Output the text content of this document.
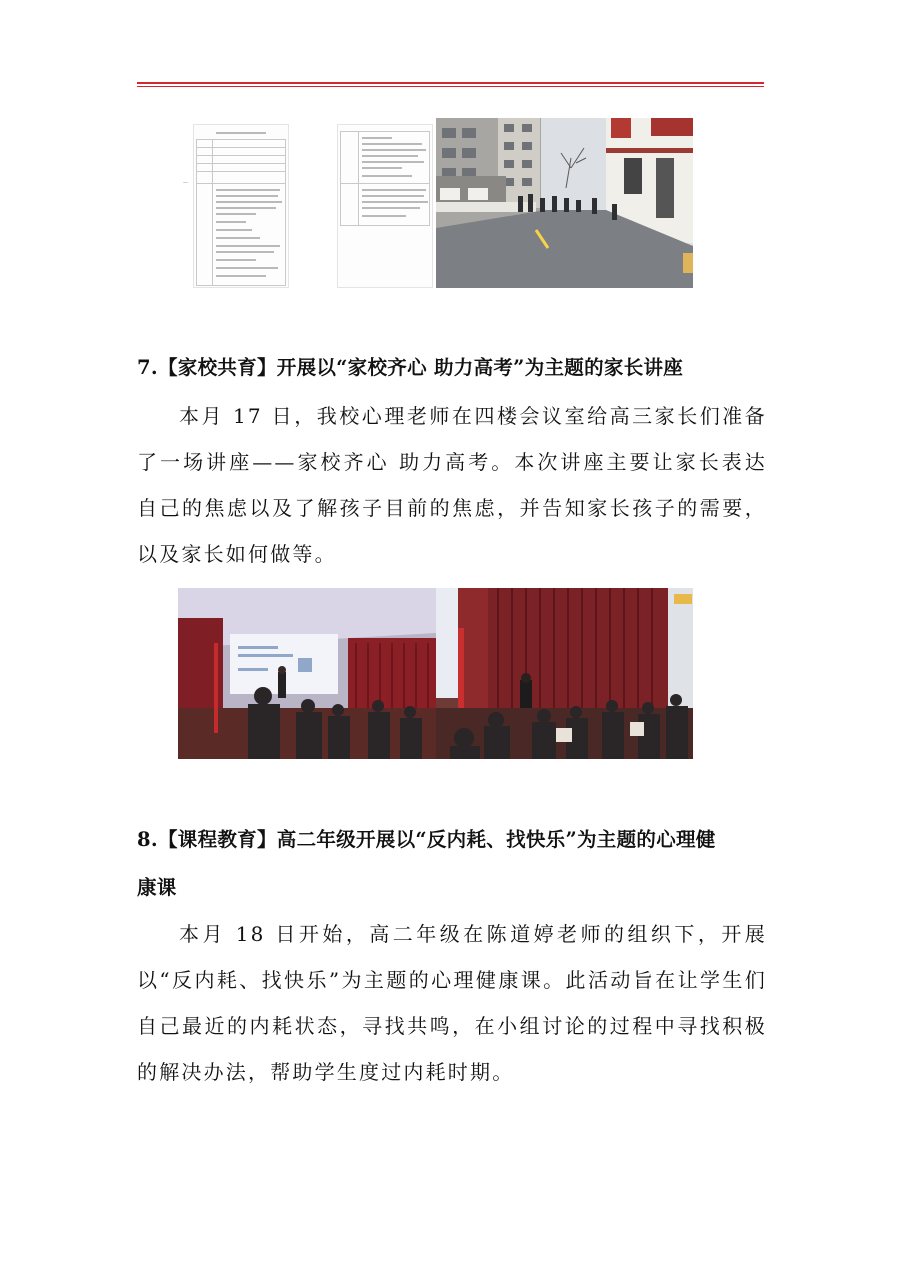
—
7.【家校共育】开展以“家校齐心 助力高考”为主题的家长讲座
本月 17 日，我校心理老师在四楼会议室给高三家长们准备了一场讲座——家校齐心 助力高考。本次讲座主要让家长表达自己的焦虑以及了解孩子目前的焦虑，并告知家长孩子的需要，以及家长如何做等。
8.【课程教育】高二年级开展以“反内耗、找快乐”为主题的心理健
康课
本月 18 日开始，高二年级在陈道婷老师的组织下，开展以“反内耗、找快乐”为主题的心理健康课。此活动旨在让学生们自己最近的内耗状态，寻找共鸣，在小组讨论的过程中寻找积极的解决办法，帮助学生度过内耗时期。
